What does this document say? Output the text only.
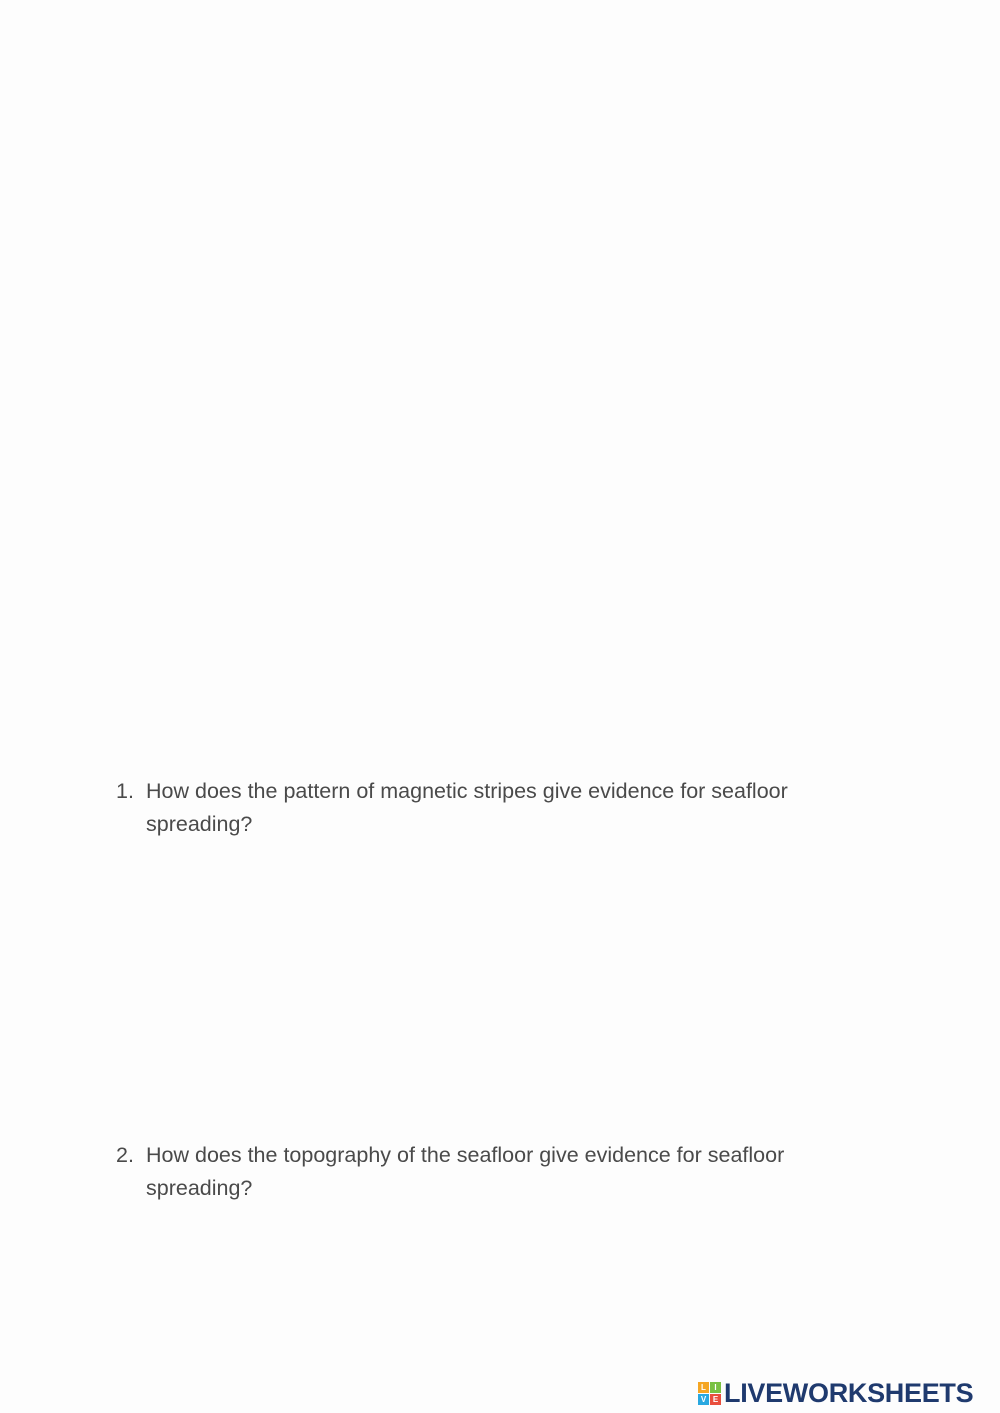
1. How does the pattern of magnetic stripes give evidence for seafloor spreading?
2. How does the topography of the seafloor give evidence for seafloor spreading?
L	I
V E LIVEWORKSHEETS
